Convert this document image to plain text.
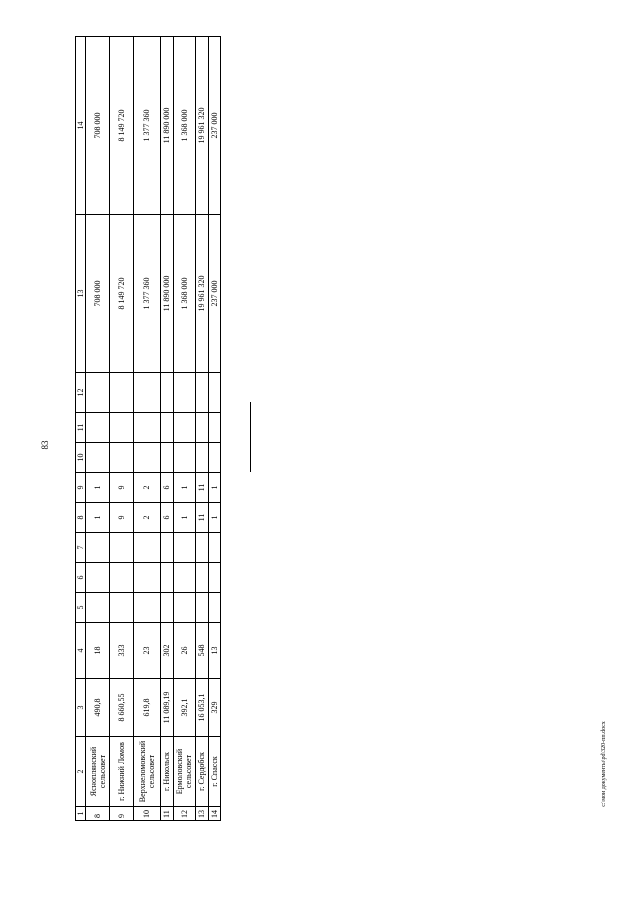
83
1	2	3	4	5	6	7	8	9	10	11	12	13	14
8	Ясноплянский сельсовет	490,8	18				1	1				708 000	708 000
9	г. Нижний Ломов	8 660,55	333				9	9				8 149 720	8 149 720
10	Верхнеломовский сельсовет	619,8	23				2	2				1 377 360	1 377 360
11	г. Никольск	11 089,19	302				6	6				11 890 000	11 890 000
12	Ермоловский сельсовет	392,1	26				1	1				1 368 000	1 368 000
13	г. Сердобск	16 053,1	548				11	11				19 961 320	19 961 320
14	г. Спасск	329	13				1	1				237 000	237 000
c:\мои документы\pd\320-пп.docx
